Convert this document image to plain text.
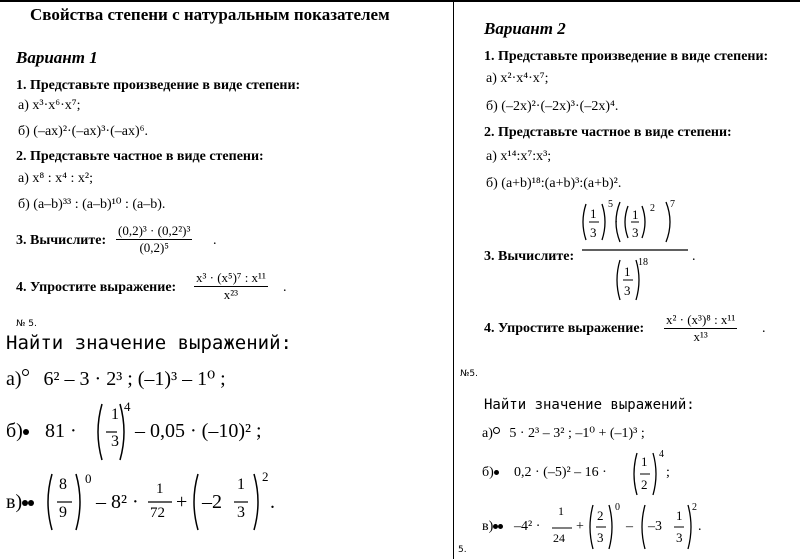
Свойства степени с натуральным показателем
Вариант 1
1. Представьте произведение в виде степени:
а) x³·x⁶·x⁷;
б) (–ax)²·(–ax)³·(–ax)⁶.
2. Представьте частное в виде степени:
а) x⁸ : x⁴ : x²;
б) (a–b)³³ : (a–b)¹⁰ : (a–b).
3. Вычислите: $\frac{\text{(0,2)³ · (0,2²)³}}{\text{(0,2)⁵}}$ .
4. Упростите выражение: $\frac{\text{x³ · (x⁵)⁷ : x¹¹}}{\text{x²³}}$ .
№ 5.
Найти значение выражений:
а) 6² – 3 · 2³ ; (–1)³ – 1⁰ ;
б)	81 ·
1
3
4
– 0,05 · (–10)² ;
в)
8
9
0
– 8² ·
1
72 + –2
1
3
2
.
Вариант 2
1. Представьте произведение в виде степени:
а) x²·x⁴·x⁷;
б) (–2x)²·(–2x)³·(–2x)⁴.
2. Представьте частное в виде степени:
а) x¹⁴:x⁷:x³;
б) (a+b)¹⁸:(a+b)³:(a+b)².
3. Вычислите:
1
3
5
· 1
3
2 7
1
3
18	.
4. Упростите выражение: $\frac{\text{x² · (x³)⁸ : x¹¹}}{\text{x¹³}}$ .
№5.
Найти значение выражений:
а) 5 · 2³ – 3² ; –1⁰ + (–1)³ ;
б)	0,2 · (–5)² – 16 ·
1
2
4
;
в)	–4² ·
1
24
+
2
3
0
– –3
1
3
2
.
5.
